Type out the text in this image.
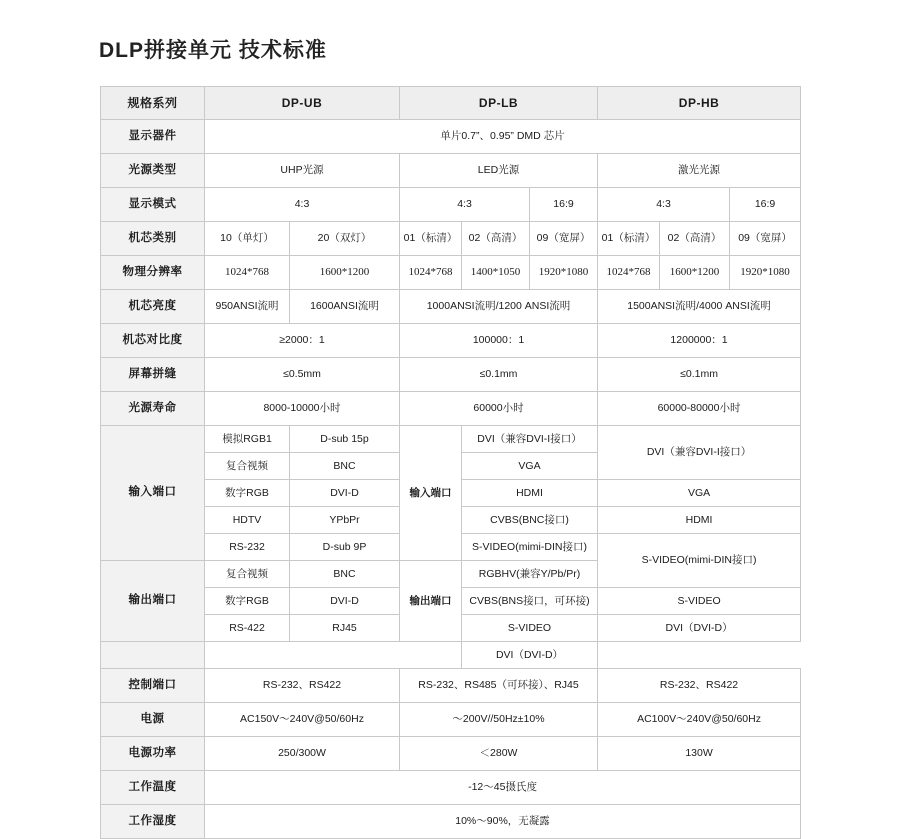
DLP拼接单元 技术标准
规格系列	DP-UB		DP-LB			DP-HB		
显示器件	单片0.7”、0.95” DMD 芯片							
光源类型	UHP光源		LED光源			激光光源		
显示模式	4:3		4:3		16:9	4:3		16:9
机芯类别	10（单灯）	20（双灯）	01（标清）	02（高清）	09（宽屏）	01（标清）	02（高清）	09（宽屏）
物理分辨率	1024*768	1600*1200	1024*768	1400*1050	1920*1080	1024*768	1600*1200	1920*1080
机芯亮度	950ANSI流明	1600ANSI流明	1000ANSI流明/1200 ANSI流明			1500ANSI流明/4000 ANSI流明		
机芯对比度	≥2000：1		100000：1			1200000：1		
屏幕拼缝	≤0.5mm		≤0.1mm			≤0.1mm		
光源寿命	8000-10000小时		60000小时			60000-80000小时		
输入端口	模拟RGB1	D-sub 15p	输入端口	DVI（兼容DVI-I接口）		DVI（兼容DVI-I接口）		
	复合视频	BNC		VGA				
	数字RGB	DVI-D		HDMI		VGA		
	HDTV	YPbPr		CVBS(BNC接口)		HDMI		
	RS-232	D-sub 9P		S-VIDEO(mimi-DIN接口)		S-VIDEO(mimi-DIN接口)		
输出端口	复合视频	BNC	输出端口	RGBHV(兼容Y/Pb/Pr)				
	数字RGB	DVI-D		CVBS(BNS接口，可环接)		S-VIDEO		
	RS-422	RJ45		S-VIDEO		DVI（DVI-D）		
				DVI（DVI-D）				
控制端口	RS-232、RS422		RS-232、RS485（可环接）、RJ45			RS-232、RS422		
电源	AC150V～240V@50/60Hz		～200V//50Hz±10%			AC100V～240V@50/60Hz		
电源功率	250/300W		＜280W			130W		
工作温度	-12～45摄氏度							
工作湿度	10%～90%，无凝露							
